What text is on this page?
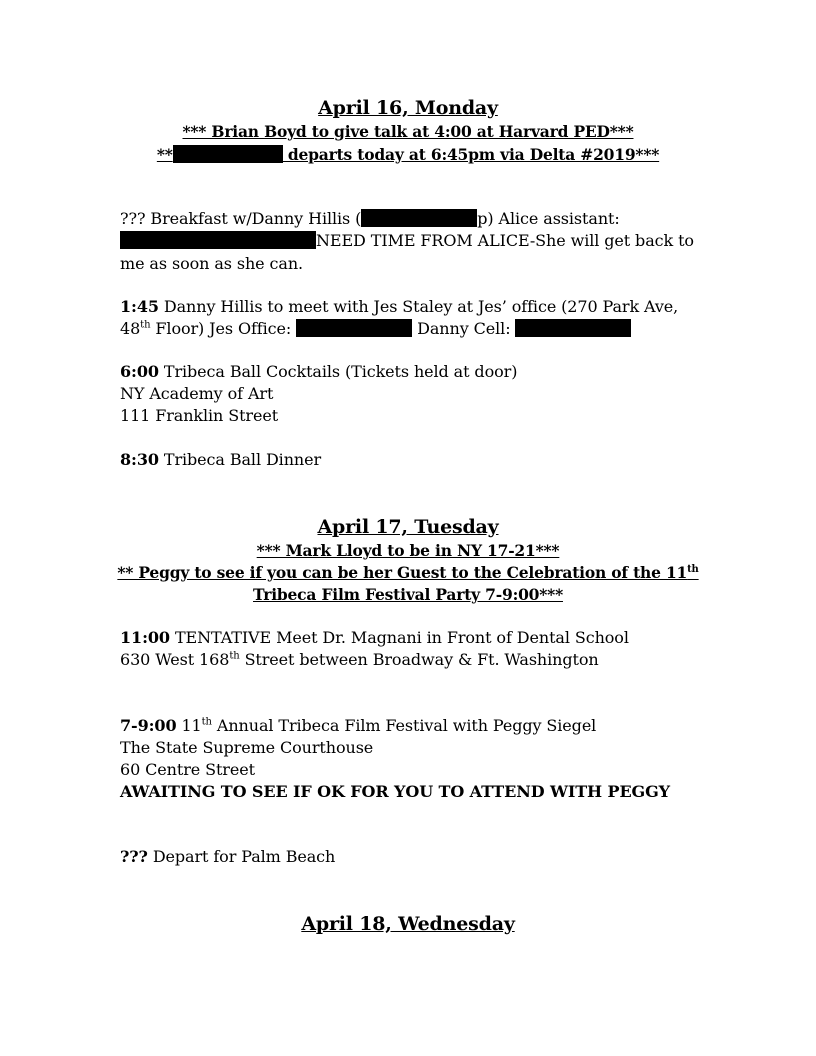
April 16, Monday
*** Brian Boyd to give talk at 4:00 at Harvard PED***
**	departs today at 6:45pm via Delta #2019***
??? Breakfast w/Danny Hillis (	p) Alice assistant:
NEED TIME FROM ALICE-She will get back to
me as soon as she can.
1:45 Danny Hillis to meet with Jes Staley at Jes’ office (270 Park Ave,
48th Floor) Jes Office:	Danny Cell:
6:00 Tribeca Ball Cocktails (Tickets held at door)
NY Academy of Art
111 Franklin Street
8:30 Tribeca Ball Dinner
April 17, Tuesday
*** Mark Lloyd to be in NY 17-21***
** Peggy to see if you can be her Guest to the Celebration of the 11th
Tribeca Film Festival Party 7-9:00***
11:00 TENTATIVE Meet Dr. Magnani in Front of Dental School
630 West 168th Street between Broadway & Ft. Washington
7-9:00 11th Annual Tribeca Film Festival with Peggy Siegel
The State Supreme Courthouse
60 Centre Street
AWAITING TO SEE IF OK FOR YOU TO ATTEND WITH PEGGY
??? Depart for Palm Beach
April 18, Wednesday
